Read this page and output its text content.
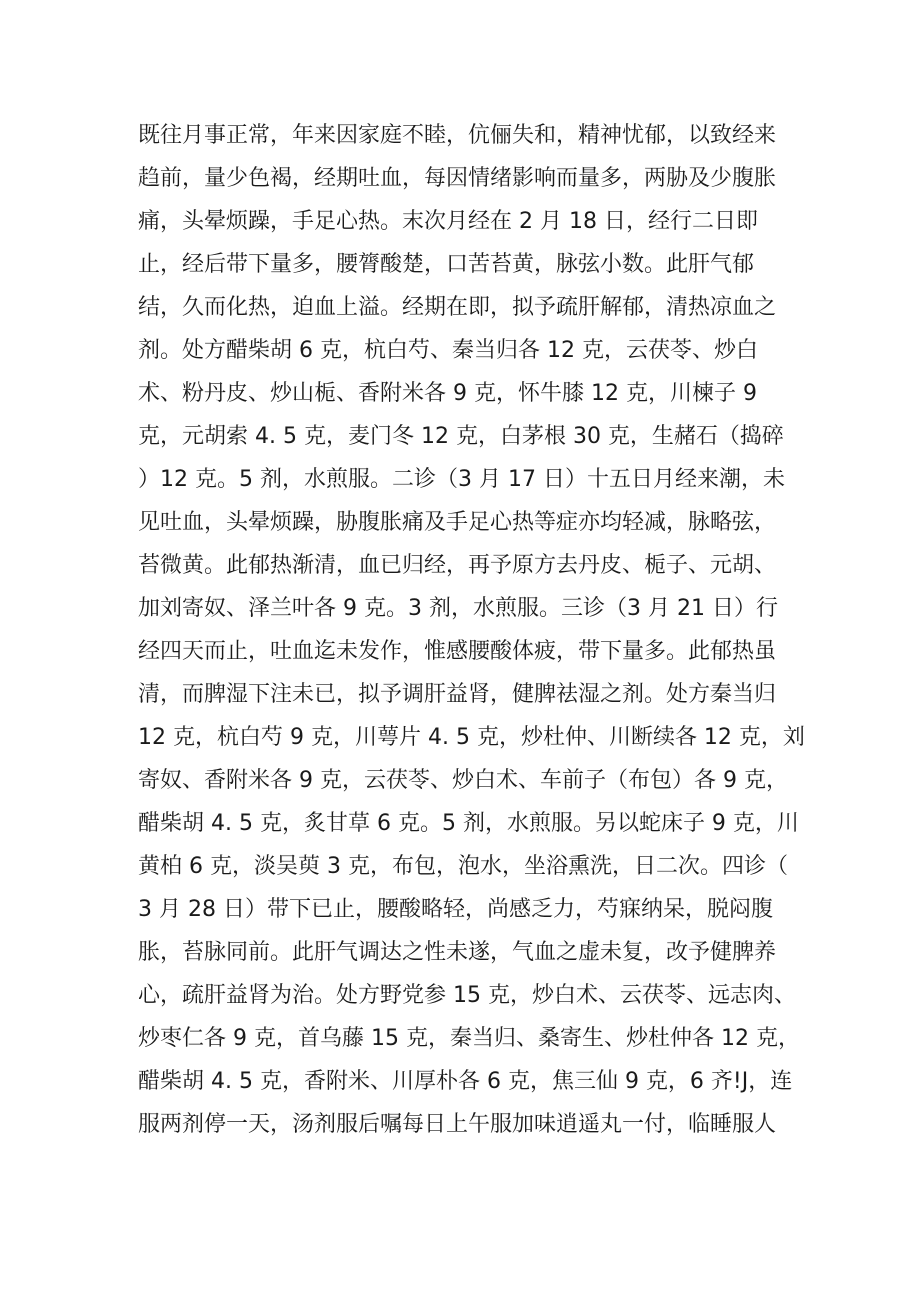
既往月事正常，年来因家庭不睦，伉俪失和，精神忧郁，以致经来
趋前，量少色褐，经期吐血，每因情绪影响而量多，两胁及少腹胀
痛，头晕烦躁，手足心热。末次月经在 2 月 18 日，经行二日即
止，经后带下量多，腰膂酸楚，口苦苔黄，脉弦小数。此肝气郁
结，久而化热，迫血上溢。经期在即，拟予疏肝解郁，清热凉血之
剂。处方醋柴胡 6 克，杭白芍、秦当归各 12 克，云茯苓、炒白
术、粉丹皮、炒山栀、香附米各 9 克，怀牛膝 12 克，川楝子 9
克，元胡索 4. 5 克，麦门冬 12 克，白茅根 30 克，生赭石（捣碎
）12 克。5 剂，水煎服。二诊（3 月 17 日）十五日月经来潮，未
见吐血，头晕烦躁，胁腹胀痛及手足心热等症亦均轻减，脉略弦，
苔微黄。此郁热渐清，血已归经，再予原方去丹皮、栀子、元胡、
加刘寄奴、泽兰叶各 9 克。3 剂，水煎服。三诊（3 月 21 日）行
经四天而止，吐血迄未发作，惟感腰酸体疲，带下量多。此郁热虽
清，而脾湿下注未已，拟予调肝益肾，健脾祛湿之剂。处方秦当归
12 克，杭白芍 9 克，川萼片 4. 5 克，炒杜仲、川断续各 12 克，刘
寄奴、香附米各 9 克，云茯苓、炒白术、车前子（布包）各 9 克，
醋柴胡 4. 5 克，炙甘草 6 克。5 剂，水煎服。另以蛇床子 9 克，川
黄柏 6 克，淡吴萸 3 克，布包，泡水，坐浴熏洗，日二次。四诊（
3 月 28 日）带下已止，腰酸略轻，尚感乏力，芍寐纳呆，脱闷腹
胀，苔脉同前。此肝气调达之性未遂，气血之虚未复，改予健脾养
心，疏肝益肾为治。处方野党参 15 克，炒白术、云茯苓、远志肉、
炒枣仁各 9 克，首乌藤 15 克，秦当归、桑寄生、炒杜仲各 12 克，
醋柴胡 4. 5 克，香附米、川厚朴各 6 克，焦三仙 9 克，6 齐!J，连
服两剂停一天，汤剂服后嘱每日上午服加味逍遥丸一付，临睡服人
